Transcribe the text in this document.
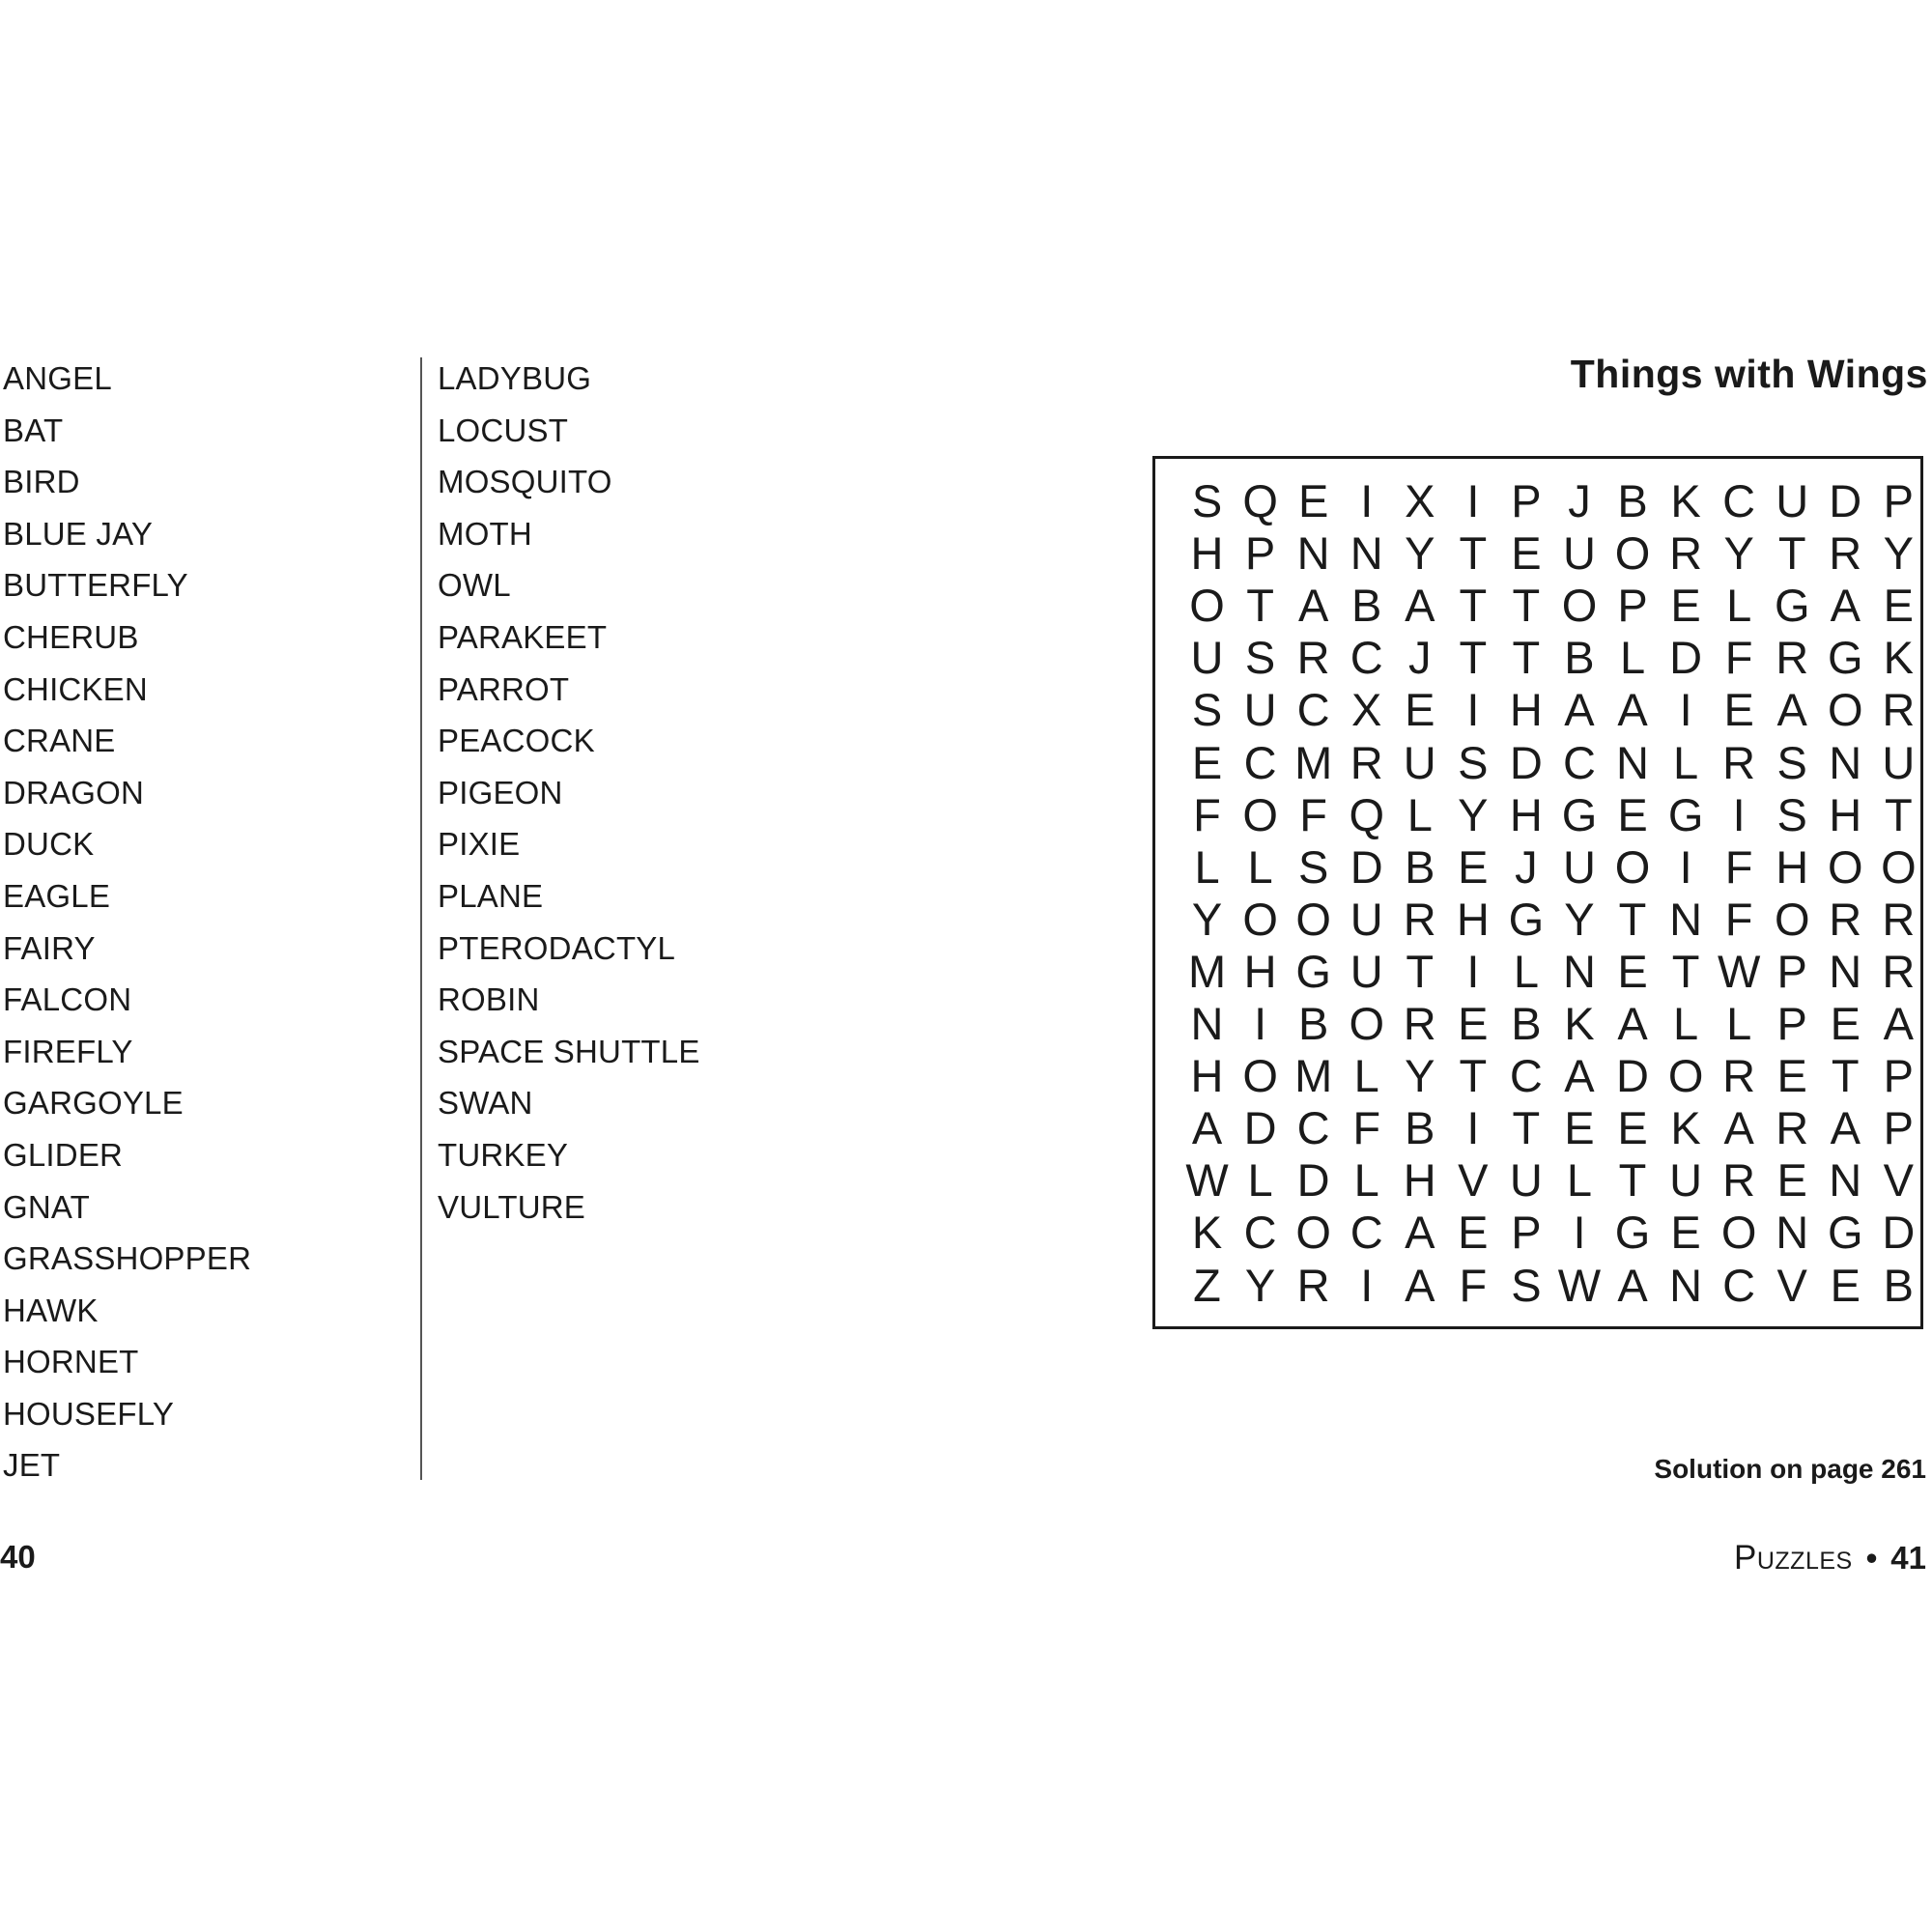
ANGEL
BAT
BIRD
BLUE JAY
BUTTERFLY
CHERUB
CHICKEN
CRANE
DRAGON
DUCK
EAGLE
FAIRY
FALCON
FIREFLY
GARGOYLE
GLIDER
GNAT
GRASSHOPPER
HAWK
HORNET
HOUSEFLY
JET
LADYBUG
LOCUST
MOSQUITO
MOTH
OWL
PARAKEET
PARROT
PEACOCK
PIGEON
PIXIE
PLANE
PTERODACTYL
ROBIN
SPACE SHUTTLE
SWAN
TURKEY
VULTURE
Things with Wings
S Q E I X I P J B K C U D P
H P N N Y T E U O R Y T R Y
O T A B A T T O P E L G A E
U S R C J T T B L D F R G K
S U C X E I H A A I E A O R
E C M R U S D C N L R S N U
F O F Q L Y H G E G I S H T
L L S D B E J U O I F H O O
Y O O U R H G Y T N F O R R
M H G U T I L N E T W P N R
N I B O R E B K A L L P E A
H O M L Y T C A D O R E T P
A D C F B I T E E K A R A P
W L D L H V U L T U R E N V
K C O C A E P I G E O N G D
Z Y R I A F S W A N C V E B
Solution on page 261
40	Puzzles • 41
